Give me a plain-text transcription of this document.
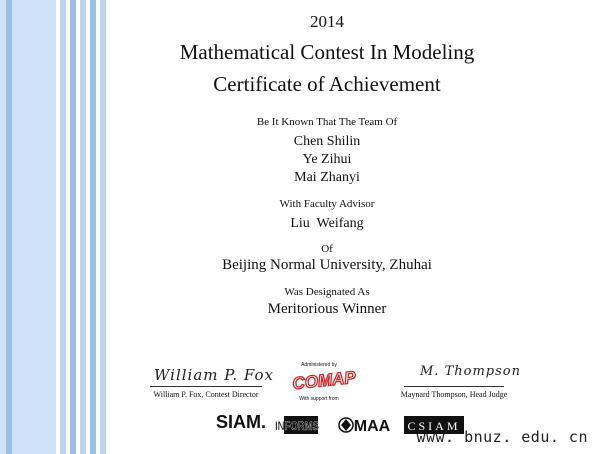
2014
Mathematical Contest In Modeling
Certificate of Achievement
Be It Known That The Team Of
Chen Shilin
Ye Zihui
Mai Zhanyi
With Faculty Advisor
Liu  Weifang
Of
Beijing Normal University, Zhuhai
Was Designated As
Meritorious Winner
William P. Fox
William P. Fox, Contest Director
Administered by
COMAP
With support from
M. Thompson
Maynard Thompson, Head Judge
SIAM. INFORMS MAA CSIAM
www. bnuz. edu. cn
